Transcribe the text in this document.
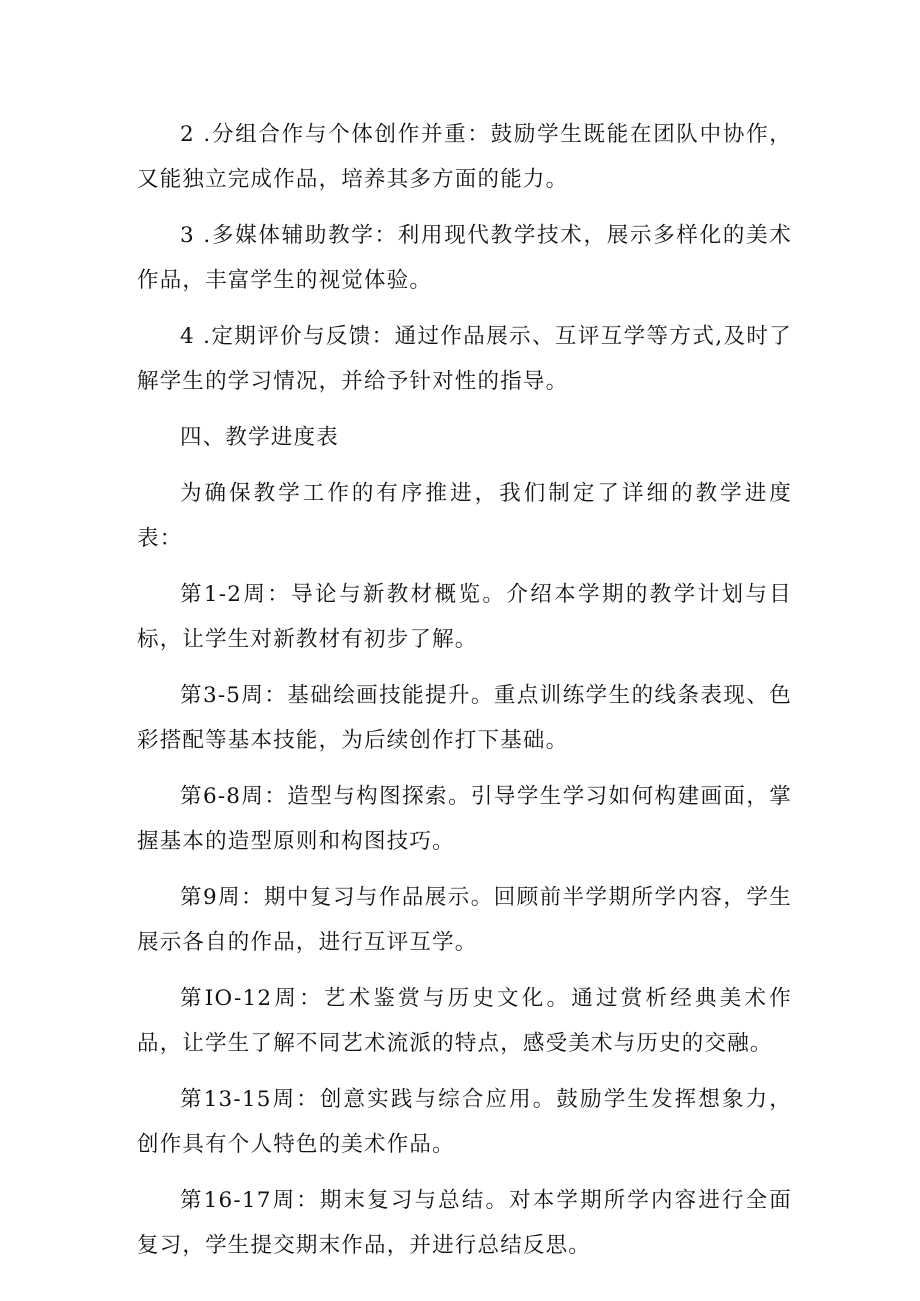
2 .分组合作与个体创作并重：鼓励学生既能在团队中协作，又能独立完成作品，培养其多方面的能力。

3 .多媒体辅助教学：利用现代教学技术，展示多样化的美术作品，丰富学生的视觉体验。

4 .定期评价与反馈：通过作品展示、互评互学等方式,及时了解学生的学习情况，并给予针对性的指导。

四、教学进度表

为确保教学工作的有序推进，我们制定了详细的教学进度表：

第1-2周：导论与新教材概览。介绍本学期的教学计划与目标，让学生对新教材有初步了解。

第3-5周：基础绘画技能提升。重点训练学生的线条表现、色彩搭配等基本技能，为后续创作打下基础。

第6-8周：造型与构图探索。引导学生学习如何构建画面，掌握基本的造型原则和构图技巧。

第9周：期中复习与作品展示。回顾前半学期所学内容，学生展示各自的作品，进行互评互学。

第IO-12周：艺术鉴赏与历史文化。通过赏析经典美术作品，让学生了解不同艺术流派的特点，感受美术与历史的交融。

第13-15周：创意实践与综合应用。鼓励学生发挥想象力，创作具有个人特色的美术作品。

第16-17周：期末复习与总结。对本学期所学内容进行全面复习，学生提交期末作品，并进行总结反思。
